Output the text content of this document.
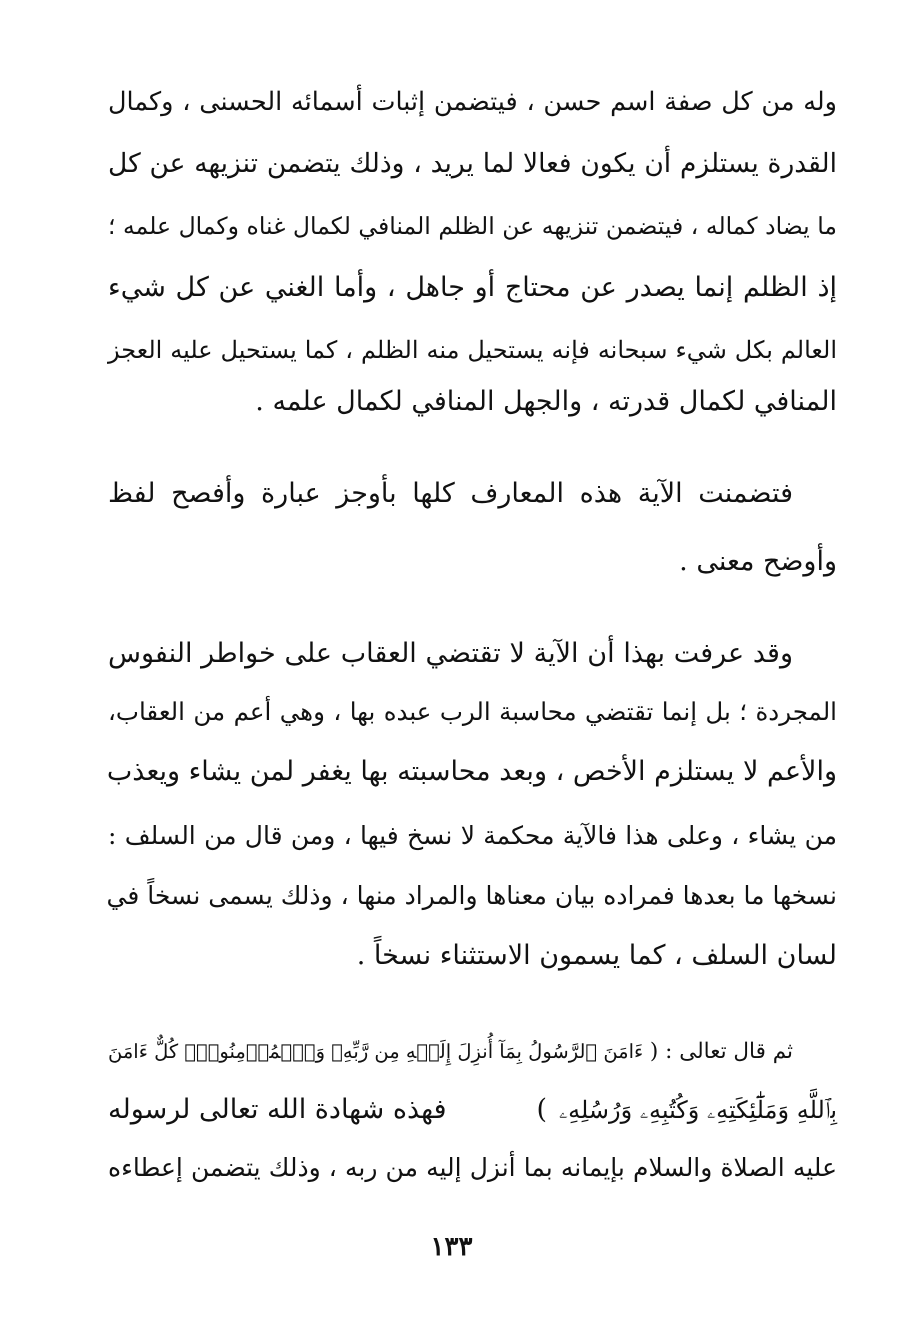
وله من كل صفة اسم حسن ، فيتضمن إثبات أسمائه الحسنى ، وكمال
القدرة يستلزم أن يكون فعالا لما يريد ، وذلك يتضمن تنزيهه عن كل
ما يضاد كماله ، فيتضمن تنزيهه عن الظلم المنافي لكمال غناه وكمال علمه ؛
إذ الظلم إنما يصدر عن محتاج أو جاهل ، وأما الغني عن كل شيء
العالم بكل شيء سبحانه فإنه يستحيل منه الظلم ، كما يستحيل عليه العجز
المنافي لكمال قدرته ، والجهل المنافي لكمال علمه .
فتضمنت الآية هذه المعارف كلها بأوجز عبارة وأفصح لفظ
وأوضح معنى .
وقد عرفت بهذا أن الآية لا تقتضي العقاب على خواطر النفوس
المجردة ؛ بل إنما تقتضي محاسبة الرب عبده بها ، وهي أعم من العقاب،
والأعم لا يستلزم الأخص ، وبعد محاسبته بها يغفر لمن يشاء ويعذب
من يشاء ، وعلى هذا فالآية محكمة لا نسخ فيها ، ومن قال من السلف :
نسخها ما بعدها فمراده بيان معناها والمراد منها ، وذلك يسمى نسخاً في
لسان السلف ، كما يسمون الاستثناء نسخاً .
ثم قال تعالى : (
ءَامَنَ ٱلرَّسُولُ بِمَآ أُنزِلَ إِلَيۡهِ مِن رَّبِّهِۦ وَٱلۡمُؤۡمِنُونَۚ كُلٌّ ءَامَنَ
بِٱللَّهِ وَمَلَٰٓئِكَتِهِۦ وَكُتُبِهِۦ وَرُسُلِهِۦ
)
فهذه شهادة الله تعالى لرسوله
عليه الصلاة والسلام بإيمانه بما أنزل إليه من ربه ، وذلك يتضمن إعطاءه
١٣٣
